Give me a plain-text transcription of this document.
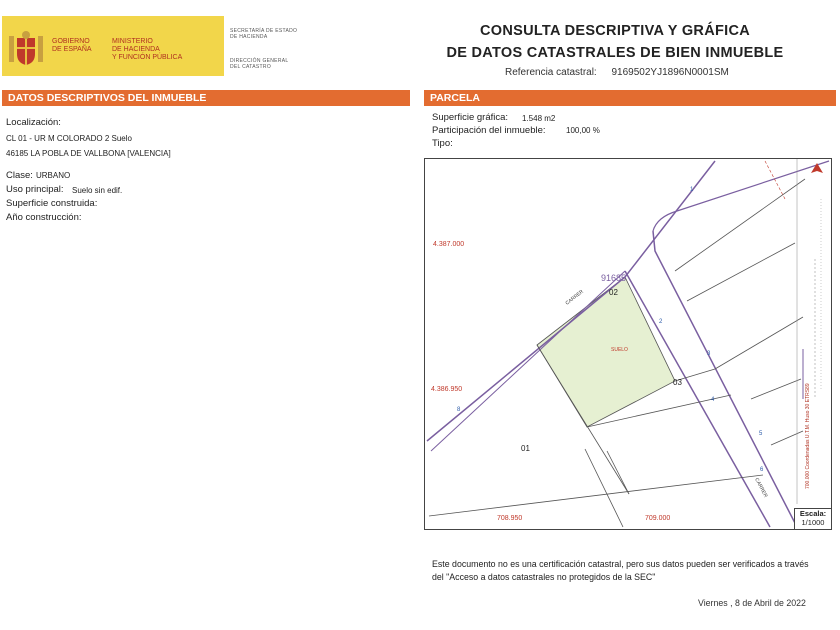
GOBIERNO
DE ESPAÑA
MINISTERIO
DE HACIENDA
Y FUNCIÓN PÚBLICA
SECRETARÍA DE ESTADO
DE HACIENDA
DIRECCIÓN GENERAL
DEL CATASTRO
CONSULTA DESCRIPTIVA Y GRÁFICA
DE DATOS CATASTRALES DE BIEN INMUEBLE
Referencia catastral: 9169502YJ1896N0001SM
DATOS DESCRIPTIVOS DEL INMUEBLE	PARCELA
Localización:
CL 01 - UR M COLORADO 2 Suelo
46185 LA POBLA DE VALLBONA [VALENCIA]
Clase: URBANO
Uso principal: Suelo sin edif.
Superficie construida:
Año construcción:
Superficie gráfica: 1.548 m2
Participación del inmueble:	100,00 %
Tipo:
1
2
3
4
5
6
8
4.387.000
4.386.950
708.950	709.000
91685
02
03
01
SUELO
CARRER
CARRER	700.000 Coordenadas U.T.M. Huso 30 ETRS89
Escala:
1/1000
Este documento no es una certificación catastral, pero sus datos pueden ser verificados a través del "Acceso a datos catastrales no protegidos de la SEC"
Viernes , 8 de Abril de 2022
